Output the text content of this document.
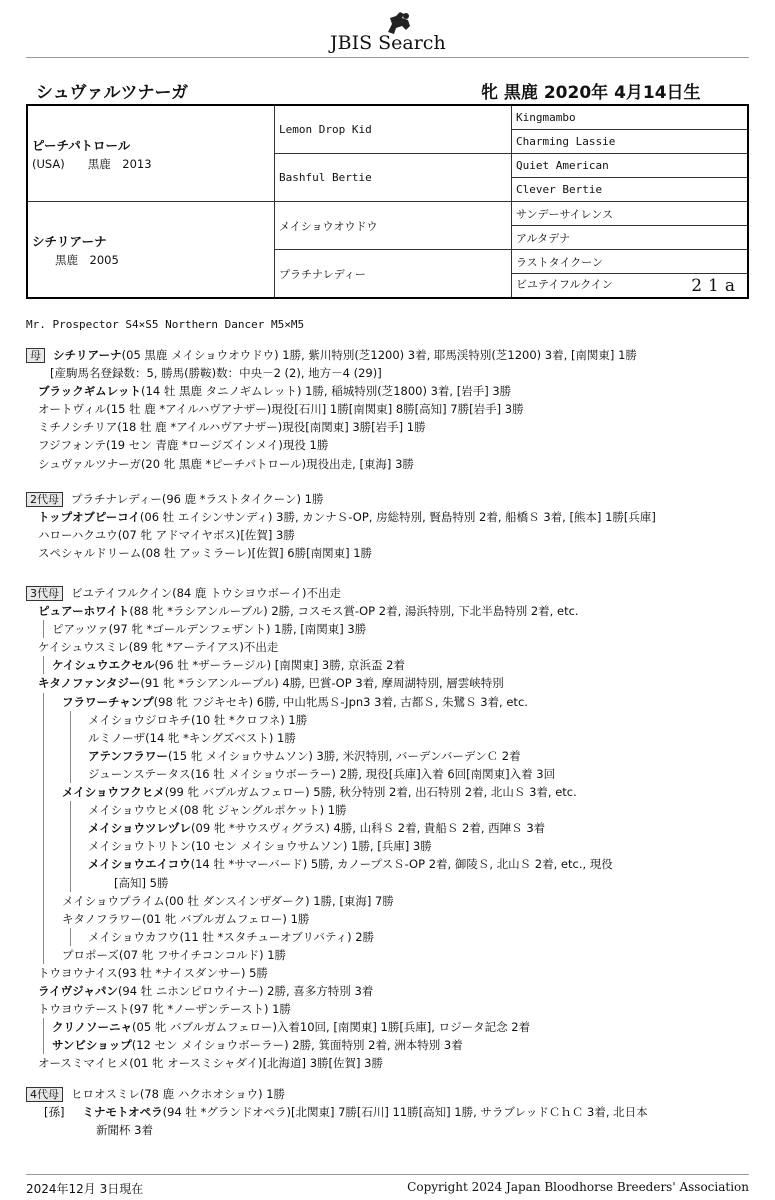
JBIS Search
シュヴァルツナーガ	牝 黒鹿 2020年 4月14日生
ピーチパトロール
(USA)　　黒鹿　2013	Lemon Drop Kid	Kingmambo
		Charming Lassie
	Bashful Bertie	Quiet American
		Clever Bertie

シチリアーナ
　　黒鹿　2005	メイショウオウドウ	サンデーサイレンス
		アルタデナ
	プラチナレディー	ラストタイクーン
		ビユテイフルクイン 21a
Mr. Prospector S4×S5 Northern Dancer M5×M5
母 シチリアーナ(05 黒鹿 メイショウオウドウ) 1勝, 紫川特別(芝1200) 3着, 耶馬渓特別(芝1200) 3着, [南関東] 1勝
[産駒馬名登録数：5, 勝馬(勝鞍)数：中央－2 (2), 地方－4 (29)]
ブラックギムレット(14 牡 黒鹿 タニノギムレット) 1勝, 稲城特別(芝1800) 3着, [岩手] 3勝
オートヴィル(15 牡 鹿 *アイルハヴアナザー)現役[石川] 1勝[南関東] 8勝[高知] 7勝[岩手] 3勝
ミチノシチリア(18 牡 鹿 *アイルハヴアナザー)現役[南関東] 3勝[岩手] 1勝
フジフォンテ(19 セン 青鹿 *ロージズインメイ)現役 1勝
シュヴァルツナーガ(20 牝 黒鹿 *ピーチパトロール)現役出走, [東海] 3勝
2代母 プラチナレディー(96 鹿 *ラストタイクーン) 1勝
トップオブピーコイ(06 牡 エイシンサンディ) 3勝, カンナＳ-OP, 房総特別, 賢島特別 2着, 船橋Ｓ 3着, [熊本] 1勝[兵庫]
ハローハクユウ(07 牝 アドマイヤボス)[佐賀] 3勝
スペシャルドリーム(08 牡 アッミラーレ)[佐賀] 6勝[南関東] 1勝
3代母 ビユテイフルクイン(84 鹿 トウシヨウボーイ)不出走
ピュアーホワイト(88 牝 *ラシアンルーブル) 2勝, コスモス賞-OP 2着, 湯浜特別, 下北半島特別 2着, etc.
ピアッツァ(97 牝 *ゴールデンフェザント) 1勝, [南関東] 3勝
ケイシュウスミレ(89 牝 *アーテイアス)不出走
ケイシュウエクセル(96 牡 *ザーラージル) [南関東] 3勝, 京浜盃 2着
キタノファンタジー(91 牝 *ラシアンルーブル) 4勝, 巴賞-OP 3着, 摩周湖特別, 層雲峡特別
フラワーチャンプ(98 牝 フジキセキ) 6勝, 中山牝馬Ｓ-Jpn3 3着, 古都Ｓ, 朱鷺Ｓ 3着, etc.
メイショウジロキチ(10 牡 *クロフネ) 1勝
ルミノーザ(14 牝 *キングズベスト) 1勝
アテンフラワー(15 牝 メイショウサムソン) 3勝, 米沢特別, バーデンバーデンＣ 2着
ジューンステータス(16 牡 メイショウボーラー) 2勝, 現役[兵庫]入着 6回[南関東]入着 3回
メイショウフクヒメ(99 牝 バブルガムフェロー) 5勝, 秋分特別 2着, 出石特別 2着, 北山Ｓ 3着, etc.
メイショウウヒメ(08 牝 ジャングルポケット) 1勝
メイショウツレヅレ(09 牝 *サウスヴィグラス) 4勝, 山科Ｓ 2着, 貴船Ｓ 2着, 西陣Ｓ 3着
メイショウトリトン(10 セン メイショウサムソン) 1勝, [兵庫] 3勝
メイショウエイコウ(14 牡 *サマーバード) 5勝, カノープスＳ-OP 2着, 御陵Ｓ, 北山Ｓ 2着, etc., 現役
[高知] 5勝
メイショウプライム(00 牡 ダンスインザダーク) 1勝, [東海] 7勝
キタノフラワー(01 牝 バブルガムフェロー) 1勝
メイショウカフウ(11 牡 *スタチューオブリバティ) 2勝
プロポーズ(07 牝 フサイチコンコルド) 1勝
トウヨウナイス(93 牡 *ナイスダンサー) 5勝
ライヴジャパン(94 牡 ニホンピロウイナー) 2勝, 喜多方特別 3着
トウヨウテースト(97 牝 *ノーザンテースト) 1勝
クリノソーニャ(05 牝 バブルガムフェロー)入着10回, [南関東] 1勝[兵庫], ロジータ記念 2着
サンビショップ(12 セン メイショウボーラー) 2勝, 箕面特別 2着, 洲本特別 3着
オースミマイヒメ(01 牝 オースミシャダイ)[北海道] 3勝[佐賀] 3勝
4代母 ヒロオスミレ(78 鹿 ハクホオショウ) 1勝
[孫] ミナモトオペラ(94 牡 *グランドオペラ)[北関東] 7勝[石川] 11勝[高知] 1勝, サラブレッドＣｈＣ 3着, 北日本
新聞杯 3着
2024年12月 3日現在	Copyright 2024 Japan Bloodhorse Breeders' Association
